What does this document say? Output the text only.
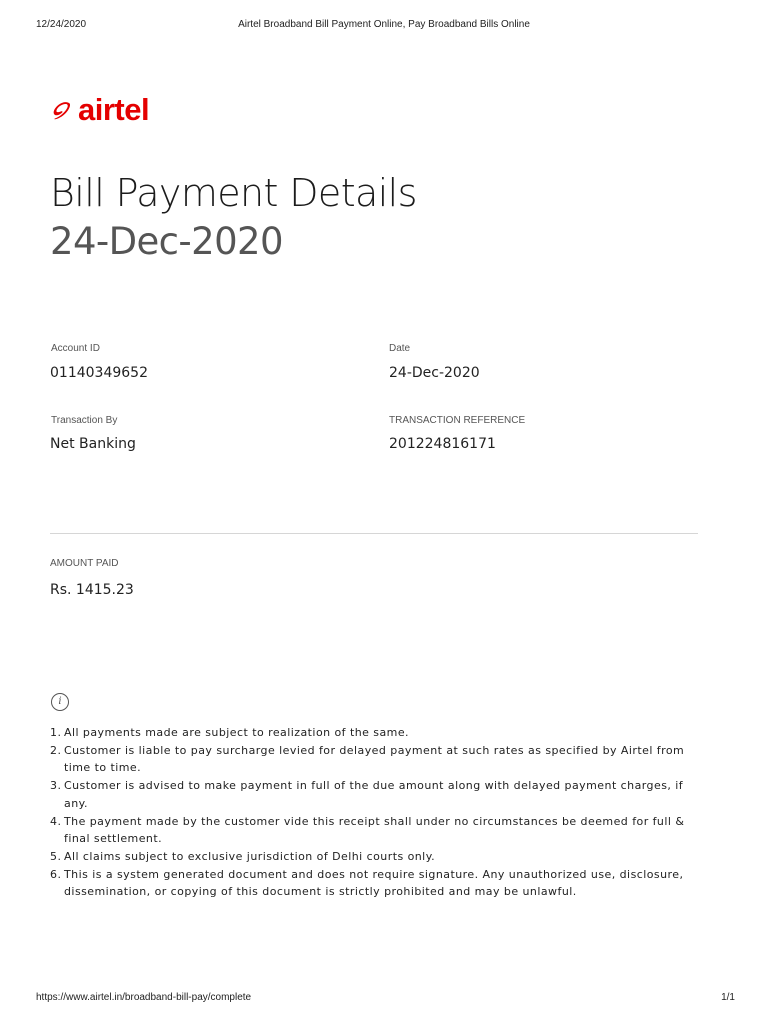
12/24/2020	Airtel Broadband Bill Payment Online, Pay Broadband Bills Online
airtel
Bill Payment Details
24-Dec-2020
Account ID
01140349652
Date
24-Dec-2020
Transaction By
Net Banking
TRANSACTION REFERENCE
201224816171
AMOUNT PAID
Rs. 1415.23
i
1. All payments made are subject to realization of the same.
2. Customer is liable to pay surcharge levied for delayed payment at such rates as specified by Airtel from time to time.
3. Customer is advised to make payment in full of the due amount along with delayed payment charges, if any.
4. The payment made by the customer vide this receipt shall under no circumstances be deemed for full & final settlement.
5. All claims subject to exclusive jurisdiction of Delhi courts only.
6. This is a system generated document and does not require signature. Any unauthorized use, disclosure, dissemination, or copying of this document is strictly prohibited and may be unlawful.
https://www.airtel.in/broadband-bill-pay/complete	1/1
